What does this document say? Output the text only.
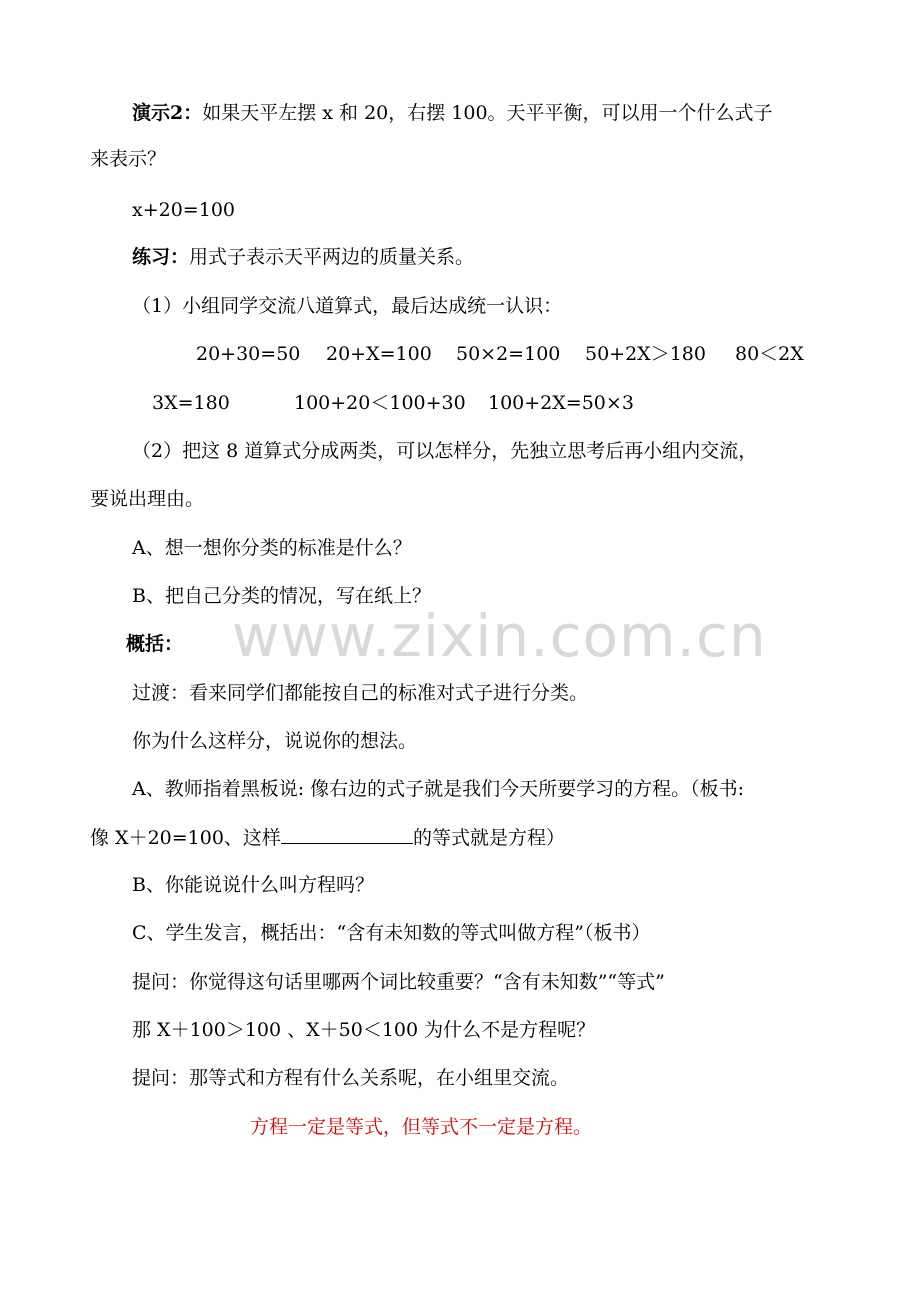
www.zixin.com.cn
演示2：如果天平左摆 x 和 20，右摆 100。天平平衡，可以用一个什么式子
来表示？
x+20=100
练习：用式子表示天平两边的质量关系。
（1）小组同学交流八道算式，最后达成统一认识：
20+30=50 20+X=100 50×2=100 50+2X＞180 80＜2X
3X=180	100+20＜100+30 100+2X=50×3
（2）把这 8 道算式分成两类，可以怎样分，先独立思考后再小组内交流，
要说出理由。
A、想一想你分类的标准是什么？
B、把自己分类的情况，写在纸上？
概括：
过渡：看来同学们都能按自己的标准对式子进行分类。
你为什么这样分，说说你的想法。
A、教师指着黑板说: 像右边的式子就是我们今天所要学习的方程。（板书:
像 X＋20=100、这样	的等式就是方程）
B、你能说说什么叫方程吗？
C、学生发言，概括出：“含有未知数的等式叫做方程”（板书）
提问：你觉得这句话里哪两个词比较重要？“含有未知数”“等式”
那 X＋100＞100 、X＋50＜100 为什么不是方程呢？
提问：那等式和方程有什么关系呢，在小组里交流。
方程一定是等式，但等式不一定是方程。
